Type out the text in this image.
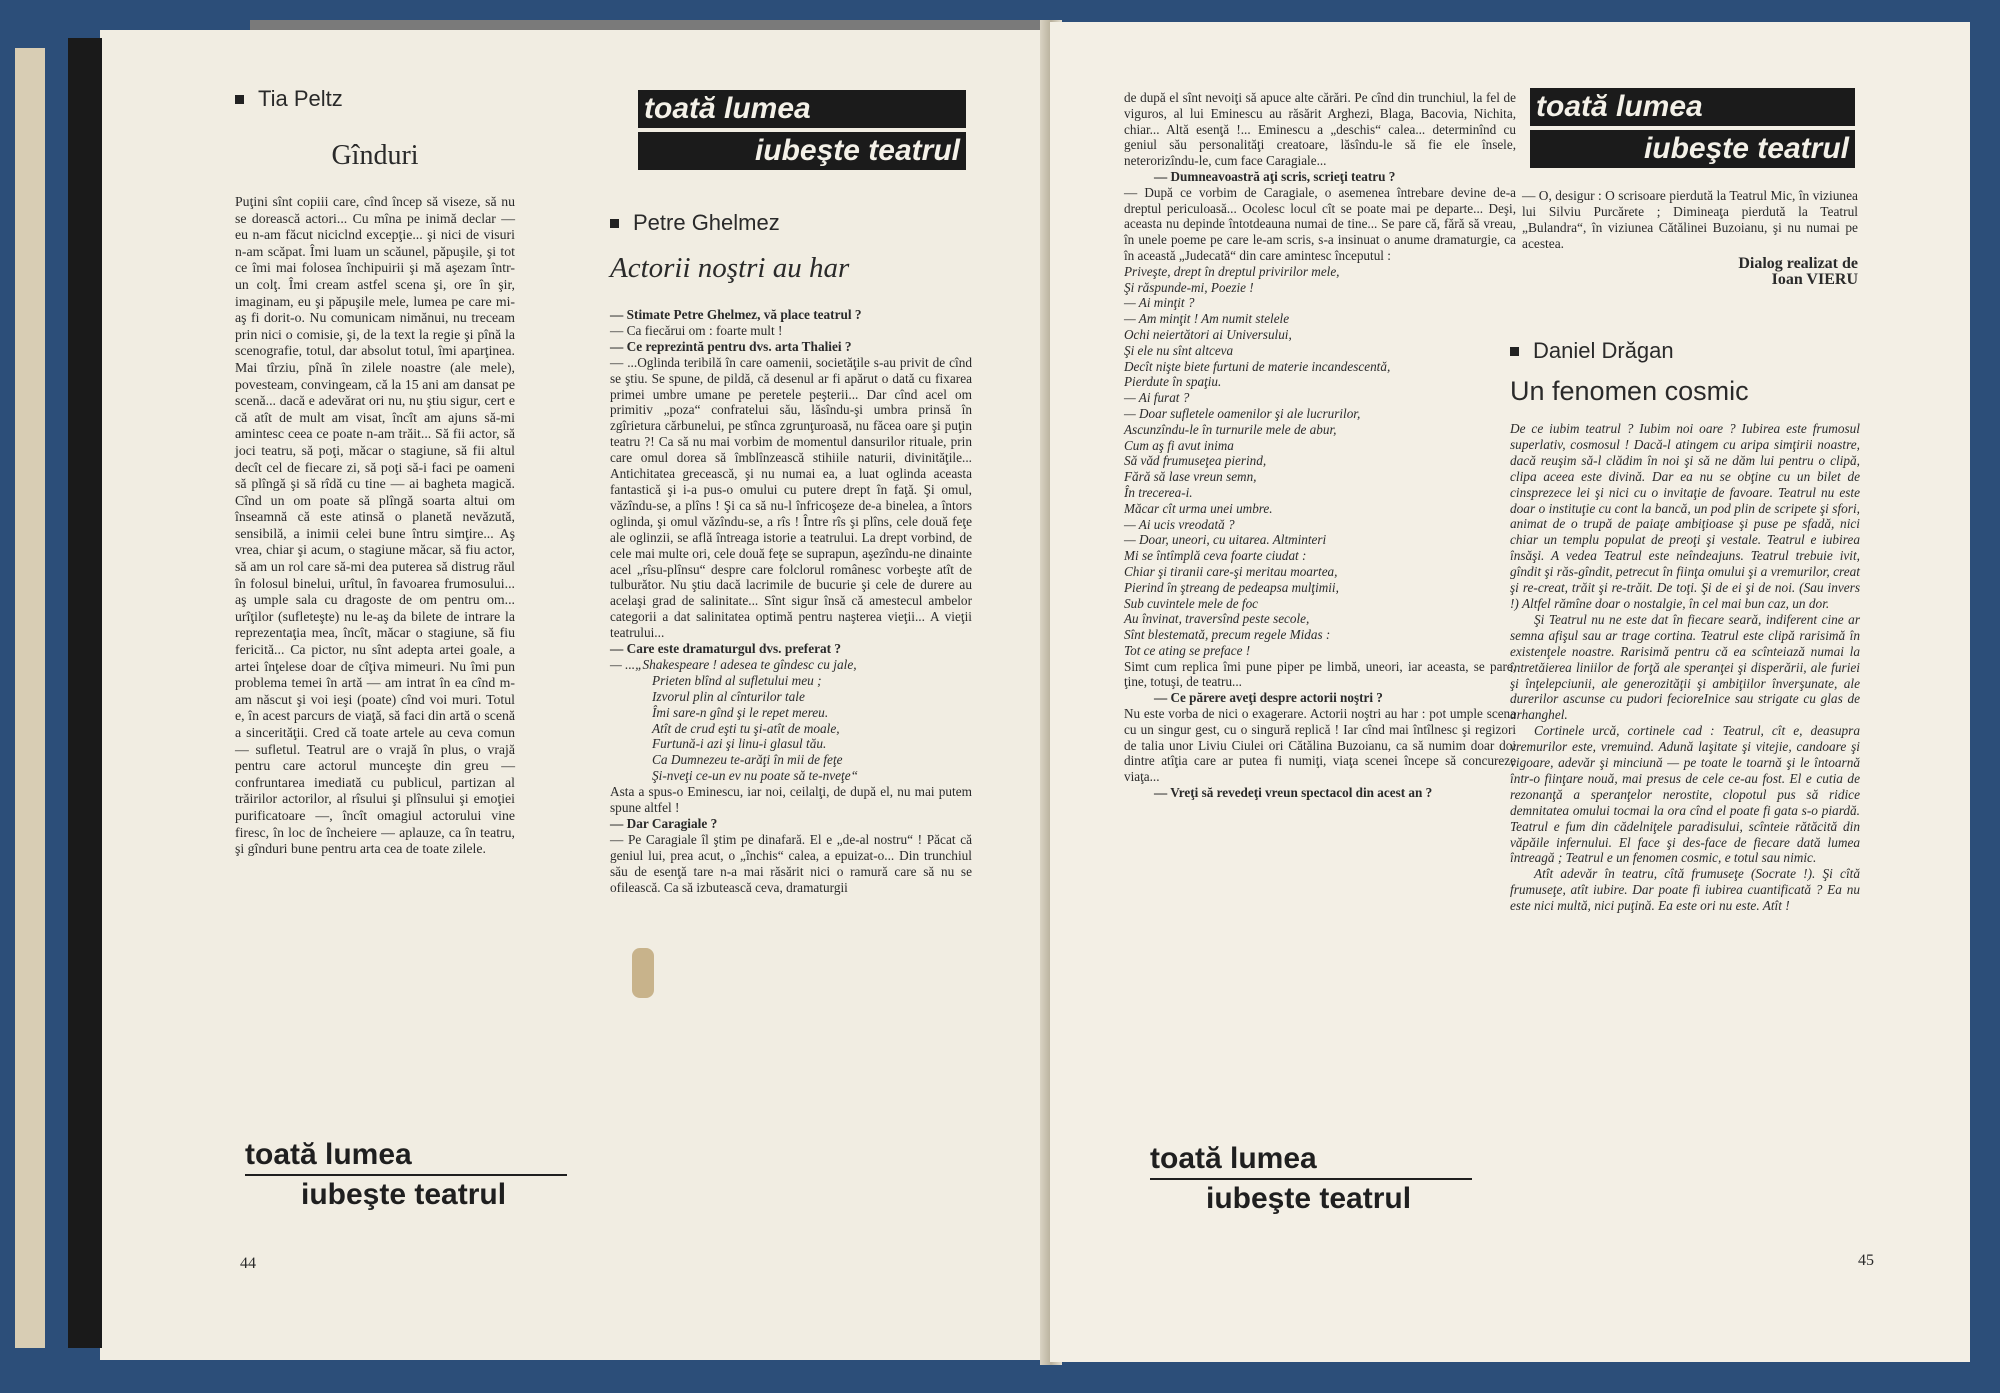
Tia Peltz
Gînduri
Puţini sînt copiii care, cînd încep să viseze, să nu se dorească actori... Cu mîna pe inimă declar — eu n-am făcut niciclnd excepţie... şi nici de visuri n-am scăpat. Îmi luam un scăunel, păpuşile, şi tot ce îmi mai folosea închipuirii şi mă aşezam într-un colţ. Îmi cream astfel scena şi, ore în şir, imaginam, eu şi păpuşile mele, lumea pe care mi-aş fi dorit-o. Nu comunicam nimănui, nu treceam prin nici o comisie, şi, de la text la regie şi pînă la scenografie, totul, dar absolut totul, îmi aparţinea. Mai tîrziu, pînă în zilele noastre (ale mele), povesteam, convingeam, că la 15 ani am dansat pe scenă... dacă e adevărat ori nu, nu ştiu sigur, cert e că atît de mult am visat, încît am ajuns să-mi amintesc ceea ce poate n-am trăit... Să fii actor, să joci teatru, să poţi, măcar o stagiune, să fii altul decît cel de fiecare zi, să poţi să-i faci pe oameni să plîngă şi să rîdă cu tine — ai bagheta magică. Cînd un om poate să plîngă soarta altui om înseamnă că este atinsă o planetă nevăzută, sensibilă, a inimii celei bune întru simţire... Aş vrea, chiar şi acum, o stagiune măcar, să fiu actor, să am un rol care să-mi dea puterea să distrug răul în folosul binelui, urîtul, în favoarea frumosului... aş umple sala cu dragoste de om pentru om... urîţilor (sufleteşte) nu le-aş da bilete de intrare la reprezentaţia mea, încît, măcar o stagiune, să fiu fericită... Ca pictor, nu sînt adepta artei goale, a artei înţelese doar de cîţiva mimeuri. Nu îmi pun problema temei în artă — am intrat în ea cînd m-am născut şi voi ieşi (poate) cînd voi muri. Totul e, în acest parcurs de viaţă, să faci din artă o scenă a sincerităţii. Cred că toate artele au ceva comun — sufletul. Teatrul are o vrajă în plus, o vrajă pentru care actorul munceşte din greu — confruntarea imediată cu publicul, partizan al trăirilor actorilor, al rîsului şi plînsului şi emoţiei purificatoare —, încît omagiul actorului vine firesc, în loc de încheiere — aplauze, ca în teatru, şi gînduri bune pentru arta cea de toate zilele.
toată lumea
iubeşte teatrul
Petre Ghelmez
Actorii noştri au har

— Stimate Petre Ghelmez, vă place teatrul ?

— Ca fiecărui om : foarte mult !

— Ce reprezintă pentru dvs. arta Thaliei ?

— ...Oglinda teribilă în care oamenii, societăţile s-au privit de cînd se ştiu. Se spune, de pildă, că desenul ar fi apărut o dată cu fixarea primei umbre umane pe peretele peşterii... Dar cînd acel om primitiv „poza“ confratelui său, lăsîndu-şi umbra prinsă în zgîrietura cărbunelui, pe stînca zgrunţuroasă, nu făcea oare şi puţin teatru ?! Ca să nu mai vorbim de momentul dansurilor rituale, prin care omul dorea să îmblînzească stihiile naturii, divinităţile... Antichitatea grecească, şi nu numai ea, a luat oglinda aceasta fantastică şi i-a pus-o omului cu putere drept în faţă. Şi omul, văzîndu-se, a plîns ! Şi ca să nu-l înfricoşeze de-a binelea, a întors oglinda, şi omul văzîndu-se, a rîs ! Între rîs şi plîns, cele două feţe ale oglinzii, se află întreaga istorie a teatrului. La drept vorbind, de cele mai multe ori, cele două feţe se suprapun, aşezîndu-ne dinainte acel „rîsu-plînsu“ despre care folclorul românesc vorbeşte atît de tulburător. Nu ştiu dacă lacrimile de bucurie şi cele de durere au acelaşi grad de salinitate... Sînt sigur însă că amestecul ambelor categorii a dat salinitatea optimă pentru naşterea vieţii... A vieţii teatrului...

— Care este dramaturgul dvs. preferat ?

— ...„Shakespeare ! adesea te gîndesc cu jale,

Prieten blînd al sufletului meu ;

Izvorul plin al cînturilor tale

Îmi sare-n gînd şi le repet mereu.

Atît de crud eşti tu şi-atît de moale,

Furtună-i azi şi linu-i glasul tău.

Ca Dumnezeu te-arăţi în mii de feţe

Şi-nveţi ce-un ev nu poate să te-nveţe“

Asta a spus-o Eminescu, iar noi, ceilalţi, de după el, nu mai putem spune altfel !

— Dar Caragiale ?

— Pe Caragiale îl ştim pe dinafară. El e „de-al nostru“ ! Păcat că geniul lui, prea acut, o „închis“ calea, a epuizat-o... Din trunchiul său de esenţă tare n-a mai răsărit nici o ramură care să nu se ofilească. Ca să izbutească ceva, dramaturgii

toată lumea
iubeşte teatrul
44

de după el sînt nevoiţi să apuce alte cărări. Pe cînd din trunchiul, la fel de viguros, al lui Eminescu au răsărit Arghezi, Blaga, Bacovia, Nichita, chiar... Altă esenţă !... Eminescu a „deschis“ calea... determinînd cu geniul său personalităţi creatoare, lăsîndu-le să fie ele însele, neterorizîndu-le, cum face Caragiale...

— Dumneavoastră aţi scris, scrieţi teatru ?

— După ce vorbim de Caragiale, o asemenea întrebare devine de-a dreptul periculoasă... Ocolesc locul cît se poate mai pe departe... Deşi, aceasta nu depinde întotdeauna numai de tine... Se pare că, fără să vreau, în unele poeme pe care le-am scris, s-a insinuat o anume dramaturgie, ca în această „Judecată“ din care amintesc începutul :

Priveşte, drept în dreptul privirilor mele,

Şi răspunde-mi, Poezie !

— Ai minţit ?

— Am minţit ! Am numit stelele

Ochi neiertători ai Universului,

Şi ele nu sînt altceva

Decît nişte biete furtuni de materie incandescentă,

Pierdute în spaţiu.

— Ai furat ?

— Doar sufletele oamenilor şi ale lucrurilor,

Ascunzîndu-le în turnurile mele de abur,

Cum aş fi avut inima

Să văd frumuseţea pierind,

Fără să lase vreun semn,

În trecerea-i.

Măcar cît urma unei umbre.

— Ai ucis vreodată ?

— Doar, uneori, cu uitarea. Altminteri

Mi se întîmplă ceva foarte ciudat :

Chiar şi tiranii care-şi meritau moartea,

Pierind în ştreang de pedeapsa mulţimii,

Sub cuvintele mele de foc

Au învinat, traversînd peste secole,

Sînt blestemată, precum regele Midas :

Tot ce ating se preface !

Simt cum replica îmi pune piper pe limbă, uneori, iar aceasta, se pare, ţine, totuşi, de teatru...

— Ce părere aveţi despre actorii noştri ?

Nu este vorba de nici o exagerare. Actorii noştri au har : pot umple scena cu un singur gest, cu o singură replică ! Iar cînd mai întîlnesc şi regizori de talia unor Liviu Ciulei ori Cătălina Buzoianu, ca să numim doar doi dintre atîţia care ar putea fi numiţi, viaţa scenei începe să concureze viaţa...

— Vreţi să revedeţi vreun spectacol din acest an ?

toată lumea
iubeşte teatrul

— O, desigur : O scrisoare pierdută la Teatrul Mic, în viziunea lui Silviu Purcărete ; Dimineaţa pierdută la Teatrul „Bulandra“, în viziunea Cătălinei Buzoianu, şi nu numai pe acestea.

Dialog realizat de

Ioan VIERU

Daniel Drăgan
Un fenomen cosmic

De ce iubim teatrul ? Iubim noi oare ? Iubirea este frumosul superlativ, cosmosul ! Dacă-l atingem cu aripa simţirii noastre, dacă reuşim să-l clădim în noi şi să ne dăm lui pentru o clipă, clipa aceea este divină. Dar ea nu se obţine cu un bilet de cinsprezece lei şi nici cu o invitaţie de favoare. Teatrul nu este doar o instituţie cu cont la bancă, un pod plin de scripete şi sfori, animat de o trupă de paiaţe ambiţioase şi puse pe sfadă, nici chiar un templu populat de preoţi şi vestale. Teatrul e iubirea însăşi. A vedea Teatrul este neîndeajuns. Teatrul trebuie ivit, gîndit şi răs-gîndit, petrecut în fiinţa omului şi a vremurilor, creat şi re-creat, trăit şi re-trăit. De toţi. Şi de ei şi de noi. (Sau invers !) Altfel rămîne doar o nostalgie, în cel mai bun caz, un dor.

Şi Teatrul nu ne este dat în fiecare seară, indiferent cine ar semna afişul sau ar trage cortina. Teatrul este clipă rarisimă în existenţele noastre. Rarisimă pentru că ea scînteiază numai la întretăierea liniilor de forţă ale speranţei şi disperării, ale furiei şi înţelepciunii, ale generozităţii şi ambiţiilor înverşunate, ale durerilor ascunse cu pudori fecioreInice sau strigate cu glas de arhanghel.

Cortinele urcă, cortinele cad : Teatrul, cît e, deasupra vremurilor este, vremuind. Adună laşitate şi vitejie, candoare şi vigoare, adevăr şi minciună — pe toate le toarnă şi le întoarnă într-o fiinţare nouă, mai presus de cele ce-au fost. El e cutia de rezonanţă a speranţelor nerostite, clopotul pus să ridice demnitatea omului tocmai la ora cînd el poate fi gata s-o piardă. Teatrul e fum din cădelniţele paradisului, scînteie rătăcită din văpăile infernului. El face şi des-face de fiecare dată lumea întreagă ; Teatrul e un fenomen cosmic, e totul sau nimic.

Atît adevăr în teatru, cîtă frumuseţe (Socrate !). Şi cîtă frumuseţe, atît iubire. Dar poate fi iubirea cuantificată ? Ea nu este nici multă, nici puţină. Ea este ori nu este. Atît !

toată lumea
iubeşte teatrul
45
